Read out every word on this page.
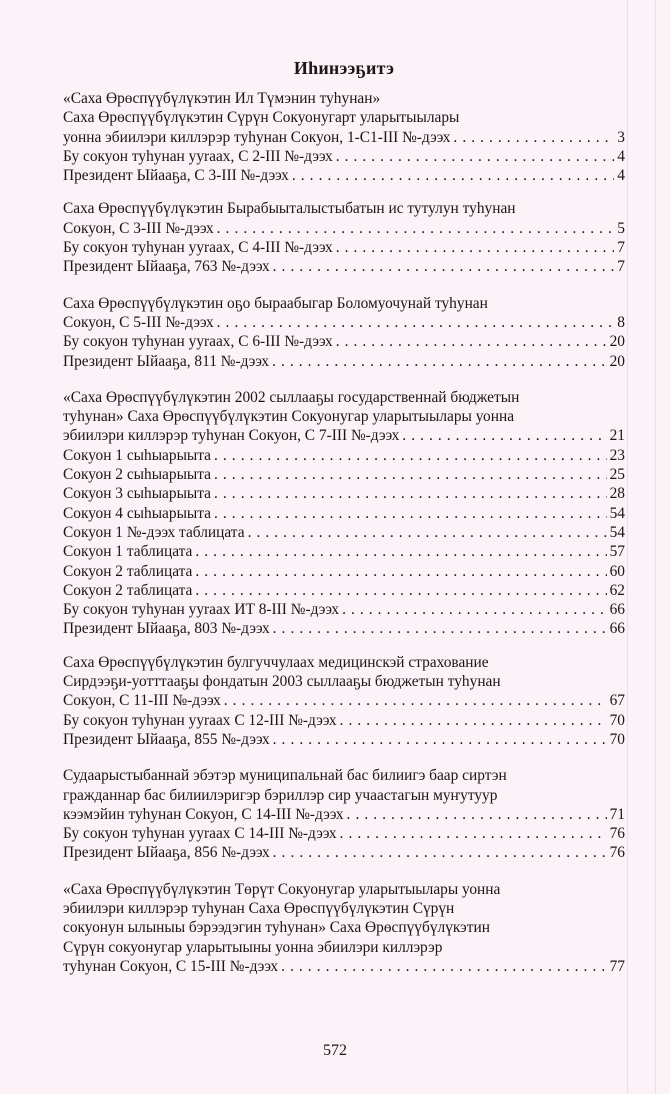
Иhинээҕитэ
«Саха Өрөспүүбүлүкэтин Ил Түмэнин туhунан»
Саха Өрөспүүбүлүкэтин Сүрүн Сокуонугарт уларытыылары
уонна эбиилэри киллэрэр туhунан Сокуон, 1-С1-III №-дээх . . .	3
Бу сокуон туhунан ууraах, С 2-III №-дээх . . .	4
Президент Ыйааҕа, С 3-III №-дээх . . .	4
Саха Өрөспүүбүлүкэтин Бырабыыталыстыбатын ис тутулун туhунан
Сокуон, С 3-III №-дээх . . .	5
Бу сокуон туhунан ууraах, С 4-III №-дээх . . .	7
Президент Ыйааҕа, 763 №-дээх . . .	7
Саха Өрөспүүбүлүкэтин оҕо быраабыгар Боломуочунай туhунан
Сокуон, С 5-III №-дээх . . .	8
Бу сокуон туhунан ууraах, С 6-III №-дээх . . .	20
Президент Ыйааҕа, 811 №-дээх . . .	20
«Саха Өрөспүүбүлүкэтин 2002 сыллааҕы государственнай бюджетын
туhунан» Саха Өрөспүүбүлүкэтин Сокуонугар уларытыылары уонна
эбиилэри киллэрэр туhунан Сокуон, С 7-III №-дээх . . .	21
Сокуон 1 сыhыарыыта . . .	23
Сокуон 2 сыhыарыыта . . .	25
Сокуон 3 сыhыарыыта . . .	28
Сокуон 4 сыhыарыыта . . .	54
Сокуон 1 №-дээх таблицата . . .	54
Сокуон 1 таблицата . . .	57
Сокуон 2 таблицата . . .	60
Сокуон 2 таблицата . . .	62
Бу сокуон туhунан ууraах ИТ 8-III №-дээх . . .	66
Президент Ыйааҕа, 803 №-дээх . . .	66
Саха Өрөспүүбүлүкэтин булгуччулаах медицинскэй страхование
Сирдээҕи-уотттааҕы фондатын 2003 сыллааҕы бюджетын туhунан
Сокуон, С 11-III №-дээх . . .	67
Бу сокуон туhунан ууraах С 12-III №-дээх . . .	70
Президент Ыйааҕа, 855 №-дээх . . .	70
Судаарыстыбаннай эбэтэр муниципальнай бас билиигэ баар сиртэн
гражданнар бас билиилэригэр бэриллэр сир учаастагын муҥутуур
кээмэйин туhунан Сокуон, С 14-III №-дээх . . .	71
Бу сокуон туhунан ууraах С 14-III №-дээх . . .	76
Президент Ыйааҕа, 856 №-дээх . . .	76
«Саха Өрөспүүбүлүкэтин Төрүт Сокуонугар уларытыылары уонна
эбиилэри киллэрэр туhунан Саха Өрөспүүбүлүкэтин Сүрүн
сокуонун ылыныы бэрээдэгин туhунан» Саха Өрөспүүбүлүкэтин
Сүрүн сокуонугар уларытыыны уонна эбиилэри киллэрэр
туhунан Сокуон, С 15-III №-дээх . . .	77
572
